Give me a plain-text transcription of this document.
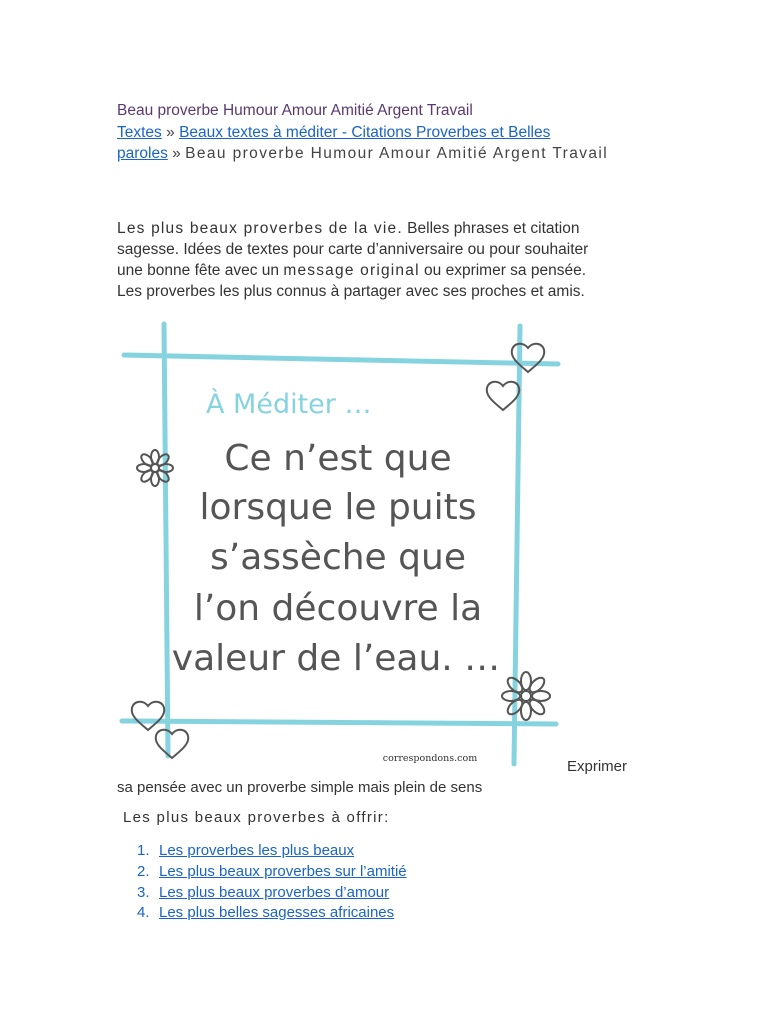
Beau proverbe Humour Amour Amitié Argent Travail

Textes » Beaux textes à méditer - Citations Proverbes et Belles
paroles » Beau proverbe Humour Amour Amitié Argent Travail

Les plus beaux proverbes de la vie. Belles phrases et citation
sagesse. Idées de textes pour carte d’anniversaire ou pour souhaiter
une bonne fête avec un message original ou exprimer sa pensée.
Les proverbes les plus connus à partager avec ses proches et amis.

À Méditer …
Ce n’est que
lorsque le puits
s’assèche que
l’on découvre la
valeur de l’eau. …
correspondons.com	Exprimer
sa pensée avec un proverbe simple mais plein de sens

Les plus beaux proverbes à offrir:

1. Les proverbes les plus beaux
2. Les plus beaux proverbes sur l’amitié
3. Les plus beaux proverbes d’amour
4. Les plus belles sagesses africaines
